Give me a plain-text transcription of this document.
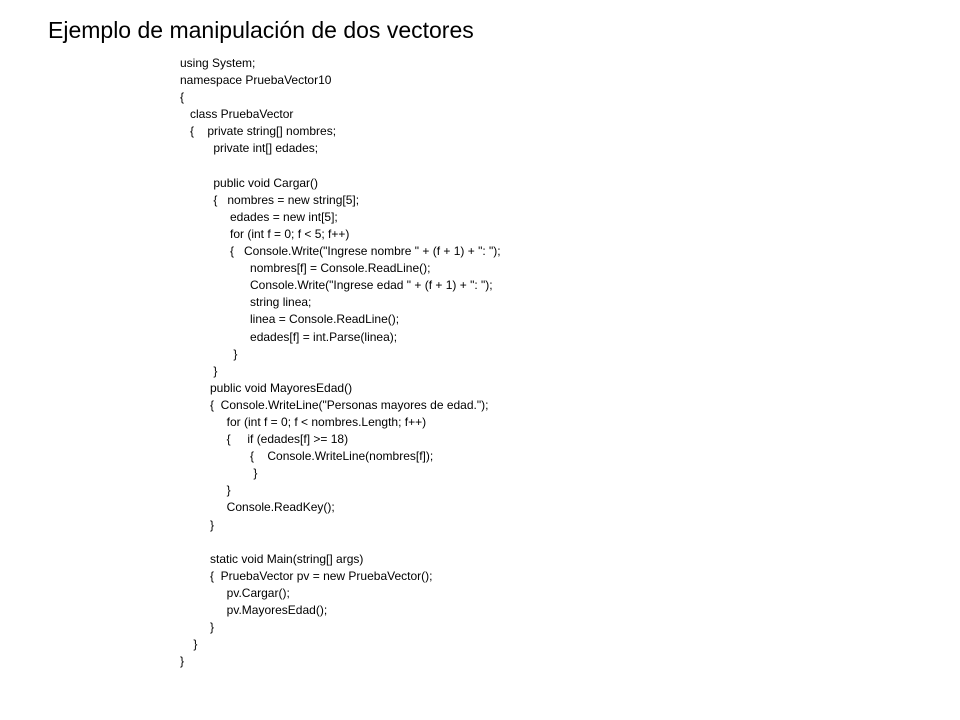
Ejemplo de manipulación de dos vectores
using System;
namespace PruebaVector10
{
class PruebaVector
{    private string[] nombres;
private int[] edades;
public void Cargar()
{   nombres = new string[5];
edades = new int[5];
for (int f = 0; f < 5; f++)
{   Console.Write("Ingrese nombre " + (f + 1) + ": ");
nombres[f] = Console.ReadLine();
Console.Write("Ingrese edad " + (f + 1) + ": ");
string linea;
linea = Console.ReadLine();
edades[f] = int.Parse(linea);
}
}
public void MayoresEdad()
{  Console.WriteLine("Personas mayores de edad.");
for (int f = 0; f < nombres.Length; f++)
{     if (edades[f] >= 18)
{    Console.WriteLine(nombres[f]);
}
}
Console.ReadKey();
}
static void Main(string[] args)
{  PruebaVector pv = new PruebaVector();
pv.Cargar();
pv.MayoresEdad();
}
}
}
